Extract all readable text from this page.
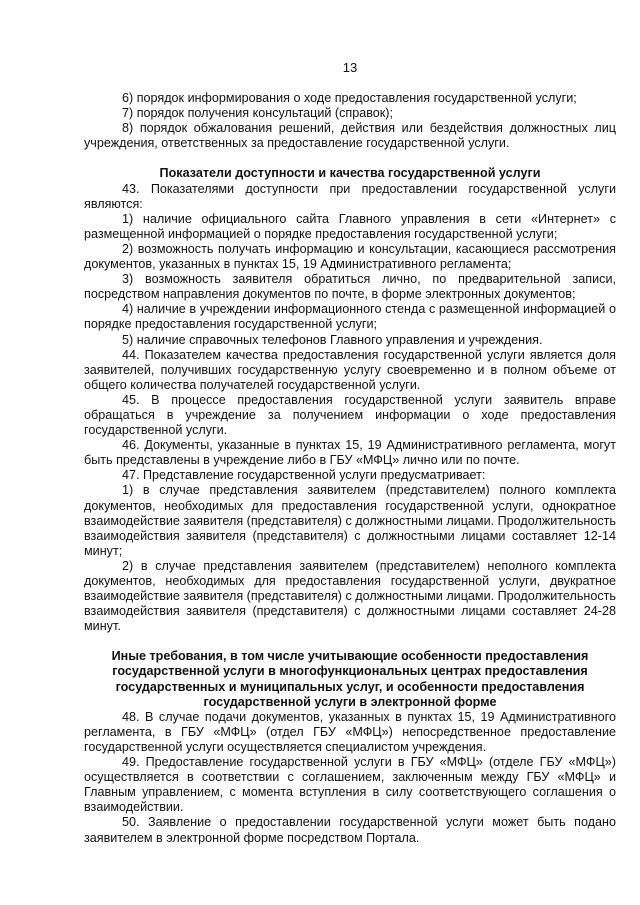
13

6) порядок информирования о ходе предоставления государственной услуги;

7) порядок получения консультаций (справок);

8) порядок обжалования решений, действия или бездействия должностных лиц учреждения, ответственных за предоставление государственной услуги.

Показатели доступности и качества государственной услуги

43. Показателями доступности при предоставлении государственной услуги являются:

1) наличие официального сайта Главного управления в сети «Интернет» с размещенной информацией о порядке предоставления государственной услуги;

2) возможность получать информацию и консультации, касающиеся рассмотрения документов, указанных в пунктах 15, 19 Административного регламента;

3) возможность заявителя обратиться лично, по предварительной записи, посредством направления документов по почте, в форме электронных документов;

4) наличие в учреждении информационного стенда с размещенной информацией о порядке предоставления государственной услуги;

5) наличие справочных телефонов Главного управления и учреждения.

44. Показателем качества предоставления государственной услуги является доля заявителей, получивших государственную услугу своевременно и в полном объеме от общего количества получателей государственной услуги.

45. В процессе предоставления государственной услуги заявитель вправе обращаться в учреждение за получением информации о ходе предоставления государственной услуги.

46. Документы, указанные в пунктах 15, 19 Административного регламента, могут быть представлены в учреждение либо в ГБУ «МФЦ» лично или по почте.

47. Представление государственной услуги предусматривает:

1) в случае представления заявителем (представителем) полного комплекта документов, необходимых для предоставления государственной услуги, однократное взаимодействие заявителя (представителя) с должностными лицами. Продолжительность взаимодействия заявителя (представителя) с должностными лицами составляет 12-14 минут;

2) в случае представления заявителем (представителем) неполного комплекта документов, необходимых для предоставления государственной услуги, двукратное взаимодействие заявителя (представителя) с должностными лицами. Продолжительность взаимодействия заявителя (представителя) с должностными лицами составляет 24-28 минут.

Иные требования, в том числе учитывающие особенности предоставления государственной услуги в многофункциональных центрах предоставления государственных и муниципальных услуг, и особенности предоставления государственной услуги в электронной форме

48. В случае подачи документов, указанных в пунктах 15, 19 Административного регламента, в ГБУ «МФЦ» (отдел ГБУ «МФЦ») непосредственное предоставление государственной услуги осуществляется специалистом учреждения.

49. Предоставление государственной услуги в ГБУ «МФЦ» (отделе ГБУ «МФЦ») осуществляется в соответствии с соглашением, заключенным между ГБУ «МФЦ» и Главным управлением, с момента вступления в силу соответствующего соглашения о взаимодействии.

50. Заявление о предоставлении государственной услуги может быть подано заявителем в электронной форме посредством Портала.
